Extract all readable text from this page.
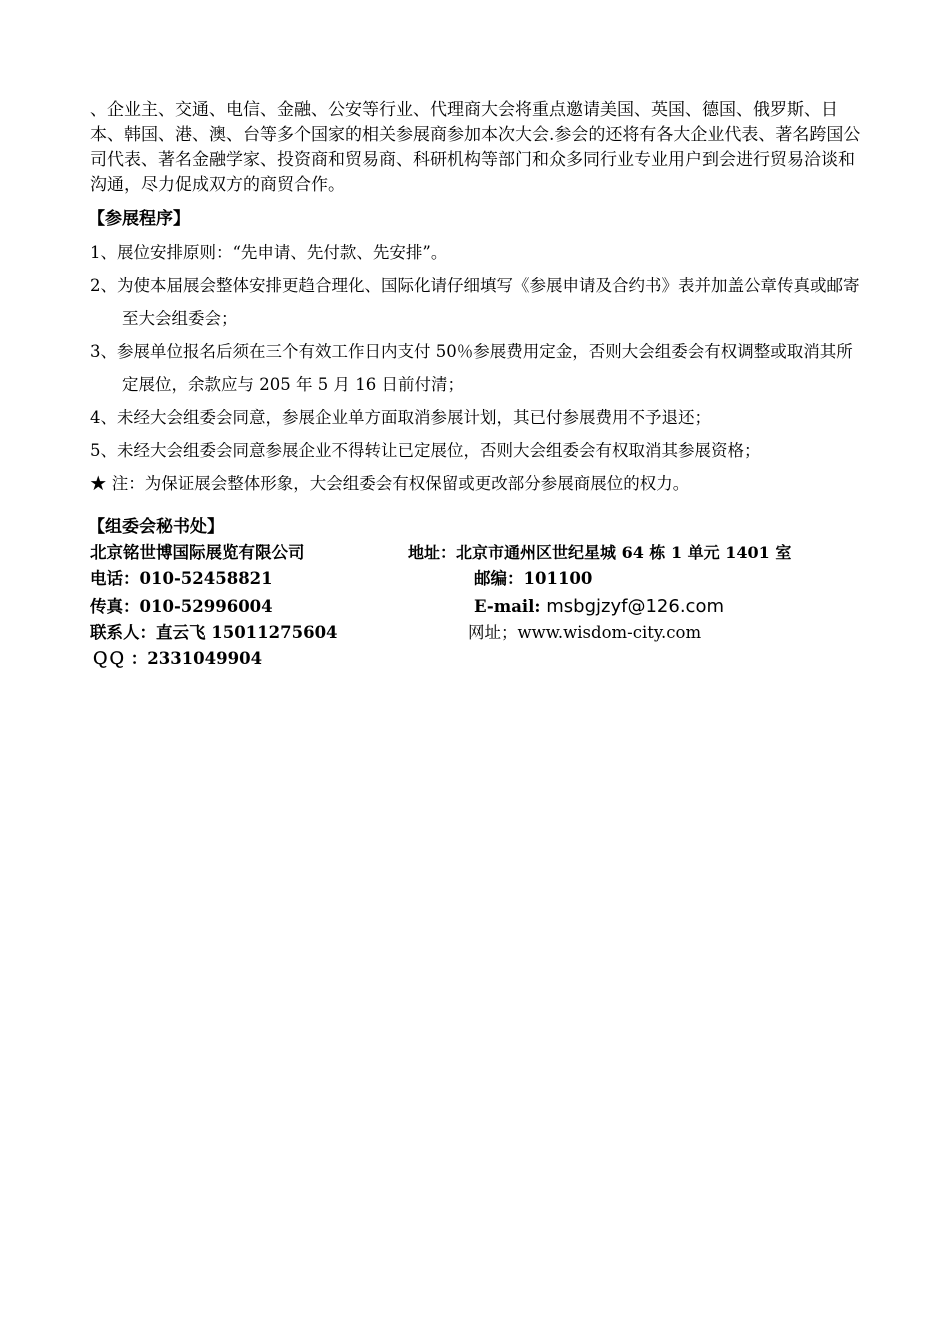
、企业主、交通、电信、金融、公安等行业、代理商大会将重点邀请美国、英国、德国、俄罗斯、日本、韩国、港、澳、台等多个国家的相关参展商参加本次大会.参会的还将有各大企业代表、著名跨国公司代表、著名金融学家、投资商和贸易商、科研机构等部门和众多同行业专业用户到会进行贸易洽谈和沟通，尽力促成双方的商贸合作。

【参展程序】

1、展位安排原则：“先申请、先付款、先安排”。
2、为使本届展会整体安排更趋合理化、国际化请仔细填写《参展申请及合约书》表并加盖公章传真或邮寄至大会组委会；
3、参展单位报名后须在三个有效工作日内支付 50％参展费用定金，否则大会组委会有权调整或取消其所定展位，余款应与 205 年 5 月 16 日前付清；
4、未经大会组委会同意，参展企业单方面取消参展计划，其已付参展费用不予退还；
5、未经大会组委会同意参展企业不得转让已定展位，否则大会组委会有权取消其参展资格；
★ 注：为保证展会整体形象，大会组委会有权保留或更改部分参展商展位的权力。

【组委会秘书处】

北京铭世博国际展览有限公司	地址：北京市通州区世纪星城 64 栋 1 单元 1401 室
电话：010-52458821	邮编：101100
传真：010-52996004	E-mail: msbgjzyf@126.com
联系人：直云飞 15011275604	网址；www.wisdom-city.com
ＱＱ ：2331049904
